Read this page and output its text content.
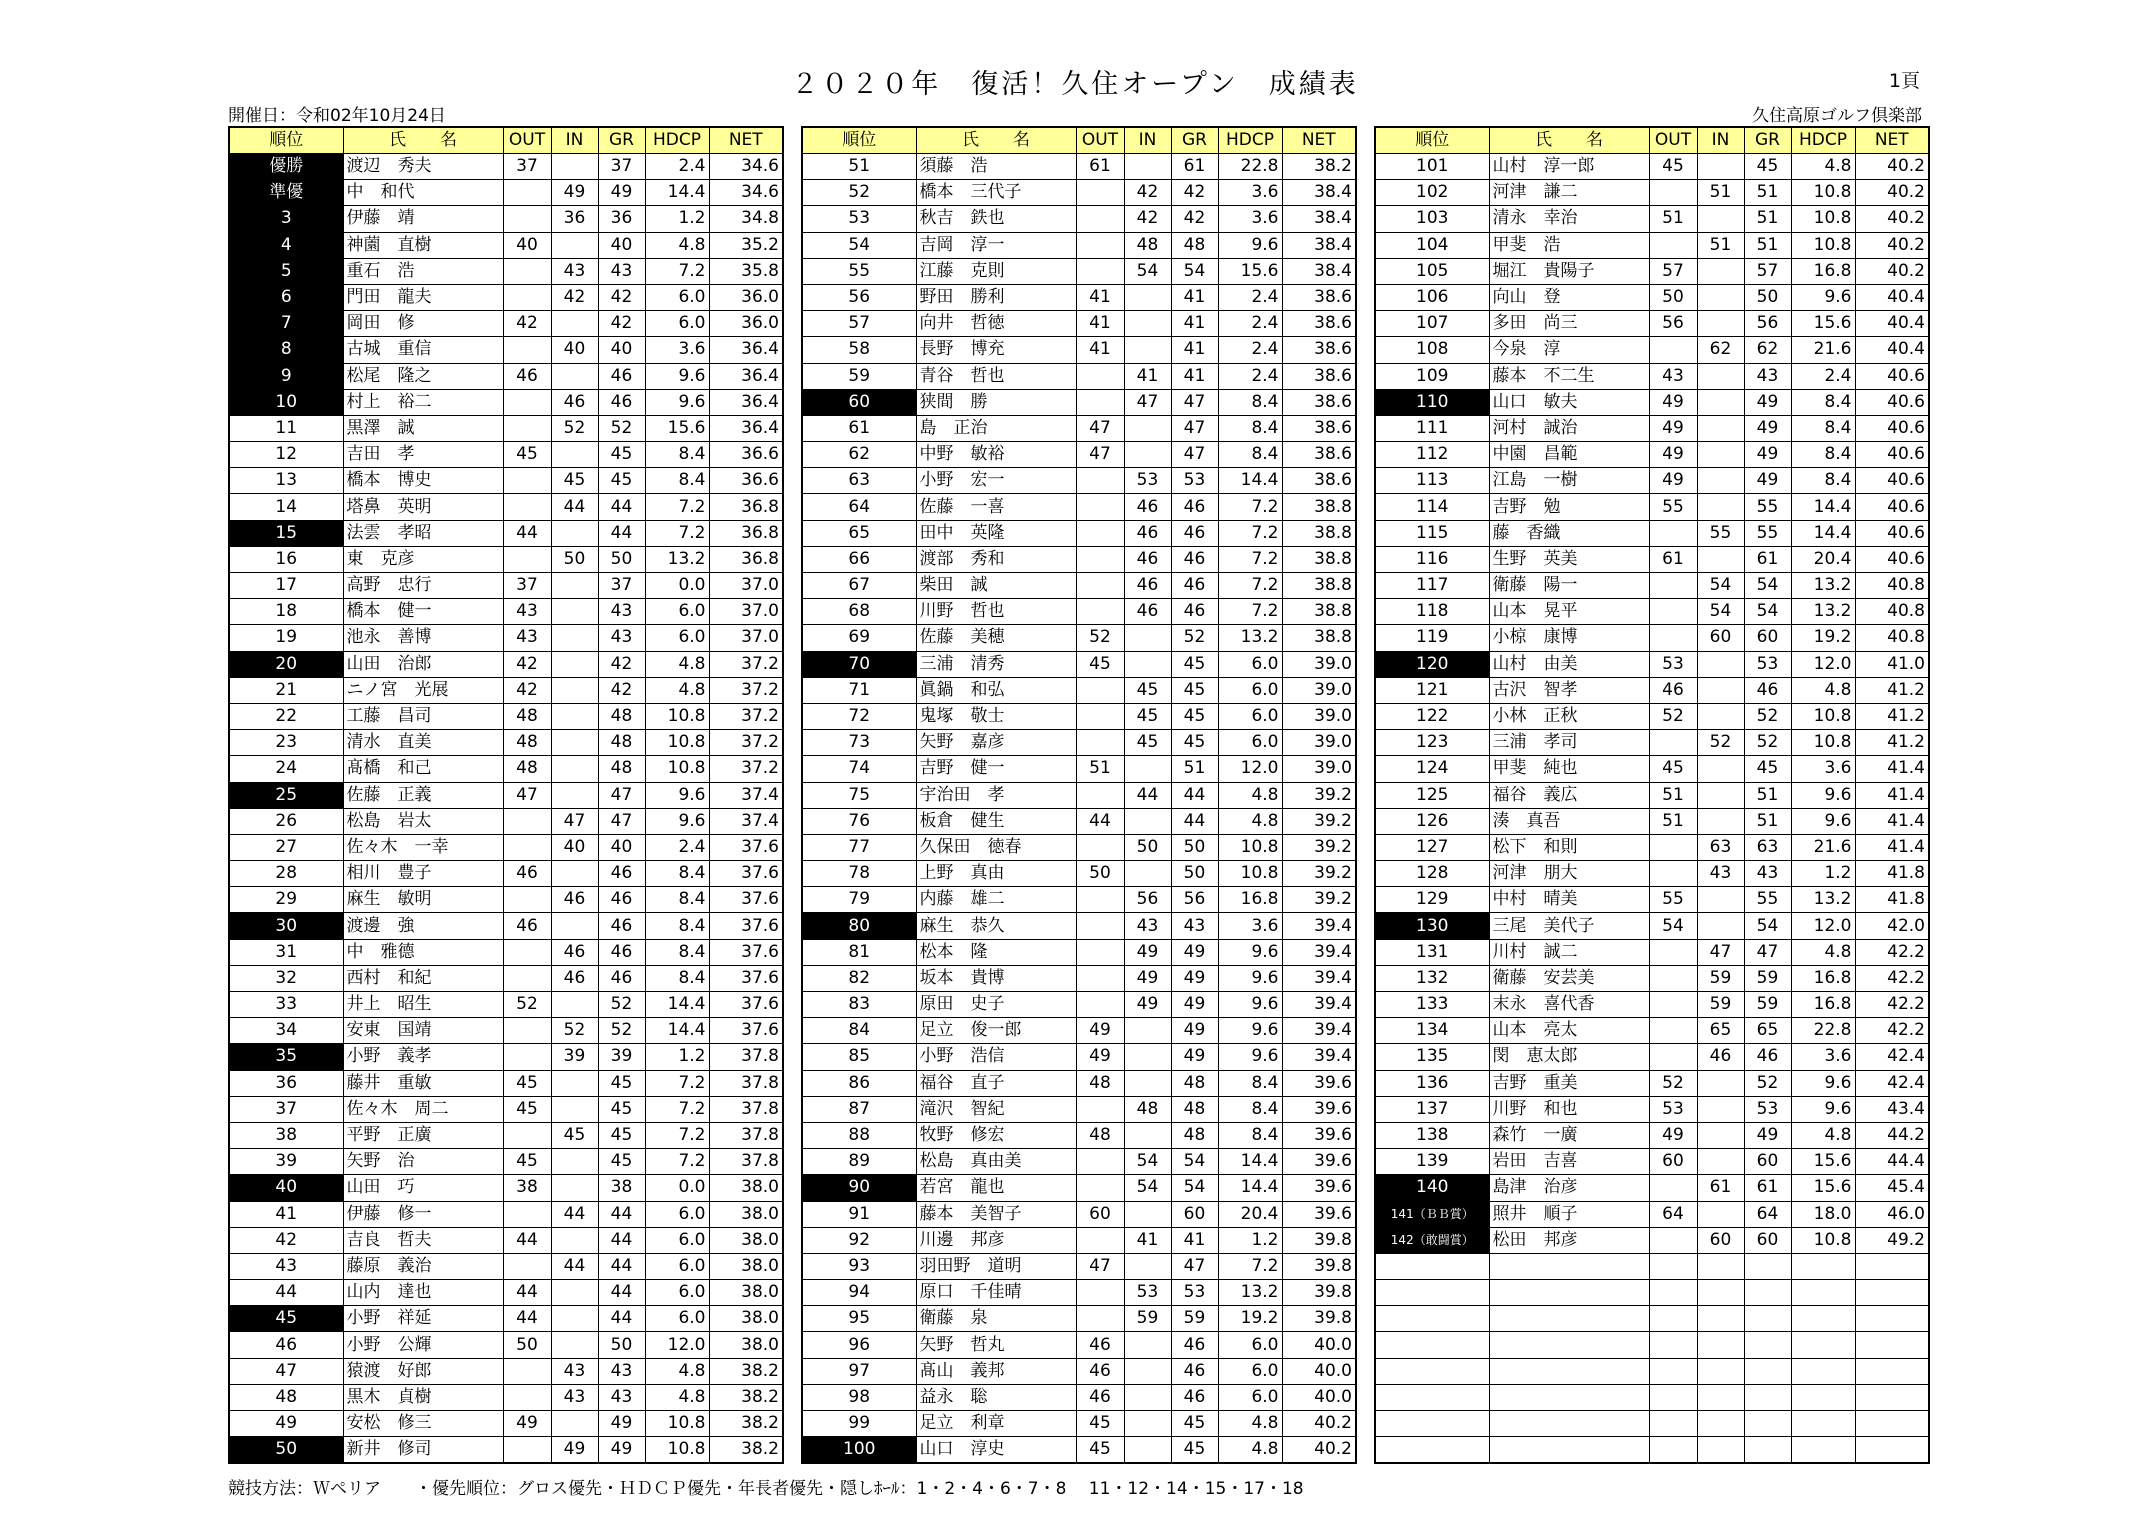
２０２０年　復活！久住オープン　成績表	1頁
開催日：令和02年10月24日	久住高原ゴルフ倶楽部
順位	氏　　名	OUT	IN	GR	HDCP	NET
優勝	渡辺　秀夫	37		37	2.4	34.6
準優	中　和代		49	49	14.4	34.6
3	伊藤　靖		36	36	1.2	34.8
4	神薗　直樹	40		40	4.8	35.2
5	重石　浩		43	43	7.2	35.8
6	門田　龍夫		42	42	6.0	36.0
7	岡田　修	42		42	6.0	36.0
8	古城　重信		40	40	3.6	36.4
9	松尾　隆之	46		46	9.6	36.4
10	村上　裕二		46	46	9.6	36.4
11	黒澤　誠		52	52	15.6	36.4
12	吉田　孝	45		45	8.4	36.6
13	橋本　博史		45	45	8.4	36.6
14	塔鼻　英明		44	44	7.2	36.8
15	法雲　孝昭	44		44	7.2	36.8
16	東　克彦		50	50	13.2	36.8
17	高野　忠行	37		37	0.0	37.0
18	橋本　健一	43		43	6.0	37.0
19	池永　善博	43		43	6.0	37.0
20	山田　治郎	42		42	4.8	37.2
21	ニノ宮　光展	42		42	4.8	37.2
22	工藤　昌司	48		48	10.8	37.2
23	清水　直美	48		48	10.8	37.2
24	髙橋　和己	48		48	10.8	37.2
25	佐藤　正義	47		47	9.6	37.4
26	松島　岩太		47	47	9.6	37.4
27	佐々木　一幸		40	40	2.4	37.6
28	相川　豊子	46		46	8.4	37.6
29	麻生　敏明		46	46	8.4	37.6
30	渡邊　強	46		46	8.4	37.6
31	中　雅德		46	46	8.4	37.6
32	西村　和紀		46	46	8.4	37.6
33	井上　昭生	52		52	14.4	37.6
34	安東　国靖		52	52	14.4	37.6
35	小野　義孝		39	39	1.2	37.8
36	藤井　重敏	45		45	7.2	37.8
37	佐々木　周二	45		45	7.2	37.8
38	平野　正廣		45	45	7.2	37.8
39	矢野　治	45		45	7.2	37.8
40	山田　巧	38		38	0.0	38.0
41	伊藤　修一		44	44	6.0	38.0
42	吉良　哲夫	44		44	6.0	38.0
43	藤原　義治		44	44	6.0	38.0
44	山内　達也	44		44	6.0	38.0
45	小野　祥延	44		44	6.0	38.0
46	小野　公輝	50		50	12.0	38.0
47	猿渡　好郎		43	43	4.8	38.2
48	黒木　貞樹		43	43	4.8	38.2
49	安松　修三	49		49	10.8	38.2
50	新井　修司		49	49	10.8	38.2
順位	氏　　名	OUT	IN	GR	HDCP	NET
51	須藤　浩	61		61	22.8	38.2
52	橋本　三代子		42	42	3.6	38.4
53	秋吉　鉄也		42	42	3.6	38.4
54	吉岡　淳一		48	48	9.6	38.4
55	江藤　克則		54	54	15.6	38.4
56	野田　勝利	41		41	2.4	38.6
57	向井　哲徳	41		41	2.4	38.6
58	長野　博充	41		41	2.4	38.6
59	青谷　哲也		41	41	2.4	38.6
60	狭間　勝		47	47	8.4	38.6
61	島　正治	47		47	8.4	38.6
62	中野　敏裕	47		47	8.4	38.6
63	小野　宏一		53	53	14.4	38.6
64	佐藤　一喜		46	46	7.2	38.8
65	田中　英隆		46	46	7.2	38.8
66	渡部　秀和		46	46	7.2	38.8
67	柴田　誠		46	46	7.2	38.8
68	川野　哲也		46	46	7.2	38.8
69	佐藤　美穂	52		52	13.2	38.8
70	三浦　清秀	45		45	6.0	39.0
71	眞鍋　和弘		45	45	6.0	39.0
72	鬼塚　敬士		45	45	6.0	39.0
73	矢野　嘉彦		45	45	6.0	39.0
74	吉野　健一	51		51	12.0	39.0
75	宇治田　孝		44	44	4.8	39.2
76	板倉　健生	44		44	4.8	39.2
77	久保田　徳春		50	50	10.8	39.2
78	上野　真由	50		50	10.8	39.2
79	内藤　雄二		56	56	16.8	39.2
80	麻生　恭久		43	43	3.6	39.4
81	松本　隆		49	49	9.6	39.4
82	坂本　貴博		49	49	9.6	39.4
83	原田　史子		49	49	9.6	39.4
84	足立　俊一郎	49		49	9.6	39.4
85	小野　浩信	49		49	9.6	39.4
86	福谷　直子	48		48	8.4	39.6
87	滝沢　智紀		48	48	8.4	39.6
88	牧野　修宏	48		48	8.4	39.6
89	松島　真由美		54	54	14.4	39.6
90	若宮　龍也		54	54	14.4	39.6
91	藤本　美智子	60		60	20.4	39.6
92	川邊　邦彦		41	41	1.2	39.8
93	羽田野　道明	47		47	7.2	39.8
94	原口　千佳晴		53	53	13.2	39.8
95	衛藤　泉		59	59	19.2	39.8
96	矢野　哲丸	46		46	6.0	40.0
97	髙山　義邦	46		46	6.0	40.0
98	益永　聡	46		46	6.0	40.0
99	足立　利章	45		45	4.8	40.2
100	山口　淳史	45		45	4.8	40.2
順位	氏　　名	OUT	IN	GR	HDCP	NET
101	山村　淳一郎	45		45	4.8	40.2
102	河津　謙二		51	51	10.8	40.2
103	清永　幸治	51		51	10.8	40.2
104	甲斐　浩		51	51	10.8	40.2
105	堀江　貴陽子	57		57	16.8	40.2
106	向山　登	50		50	9.6	40.4
107	多田　尚三	56		56	15.6	40.4
108	今泉　淳		62	62	21.6	40.4
109	藤本　不二生	43		43	2.4	40.6
110	山口　敏夫	49		49	8.4	40.6
111	河村　誠治	49		49	8.4	40.6
112	中園　昌範	49		49	8.4	40.6
113	江島　一樹	49		49	8.4	40.6
114	吉野　勉	55		55	14.4	40.6
115	藤　香織		55	55	14.4	40.6
116	生野　英美	61		61	20.4	40.6
117	衛藤　陽一		54	54	13.2	40.8
118	山本　晃平		54	54	13.2	40.8
119	小椋　康博		60	60	19.2	40.8
120	山村　由美	53		53	12.0	41.0
121	古沢　智孝	46		46	4.8	41.2
122	小林　正秋	52		52	10.8	41.2
123	三浦　孝司		52	52	10.8	41.2
124	甲斐　純也	45		45	3.6	41.4
125	福谷　義広	51		51	9.6	41.4
126	湊　真吾	51		51	9.6	41.4
127	松下　和則		63	63	21.6	41.4
128	河津　朋大		43	43	1.2	41.8
129	中村　晴美	55		55	13.2	41.8
130	三尾　美代子	54		54	12.0	42.0
131	川村　誠二		47	47	4.8	42.2
132	衛藤　安芸美		59	59	16.8	42.2
133	末永　喜代香		59	59	16.8	42.2
134	山本　亮太		65	65	22.8	42.2
135	閔　恵太郎		46	46	3.6	42.4
136	吉野　重美	52		52	9.6	42.4
137	川野　和也	53		53	9.6	43.4
138	森竹　一廣	49		49	4.8	44.2
139	岩田　吉喜	60		60	15.6	44.4
140	島津　治彦		61	61	15.6	45.4
141（ＢＢ賞）	照井　順子	64		64	18.0	46.0
142（敢闘賞）	松田　邦彦		60	60	10.8	49.2

競技方法：Ｗペリア　　・優先順位：グロス優先・ＨＤＣＰ優先・年長者優先・隠しﾎｰﾙ：1・2・4・6・7・8　 11・12・14・15・17・18
